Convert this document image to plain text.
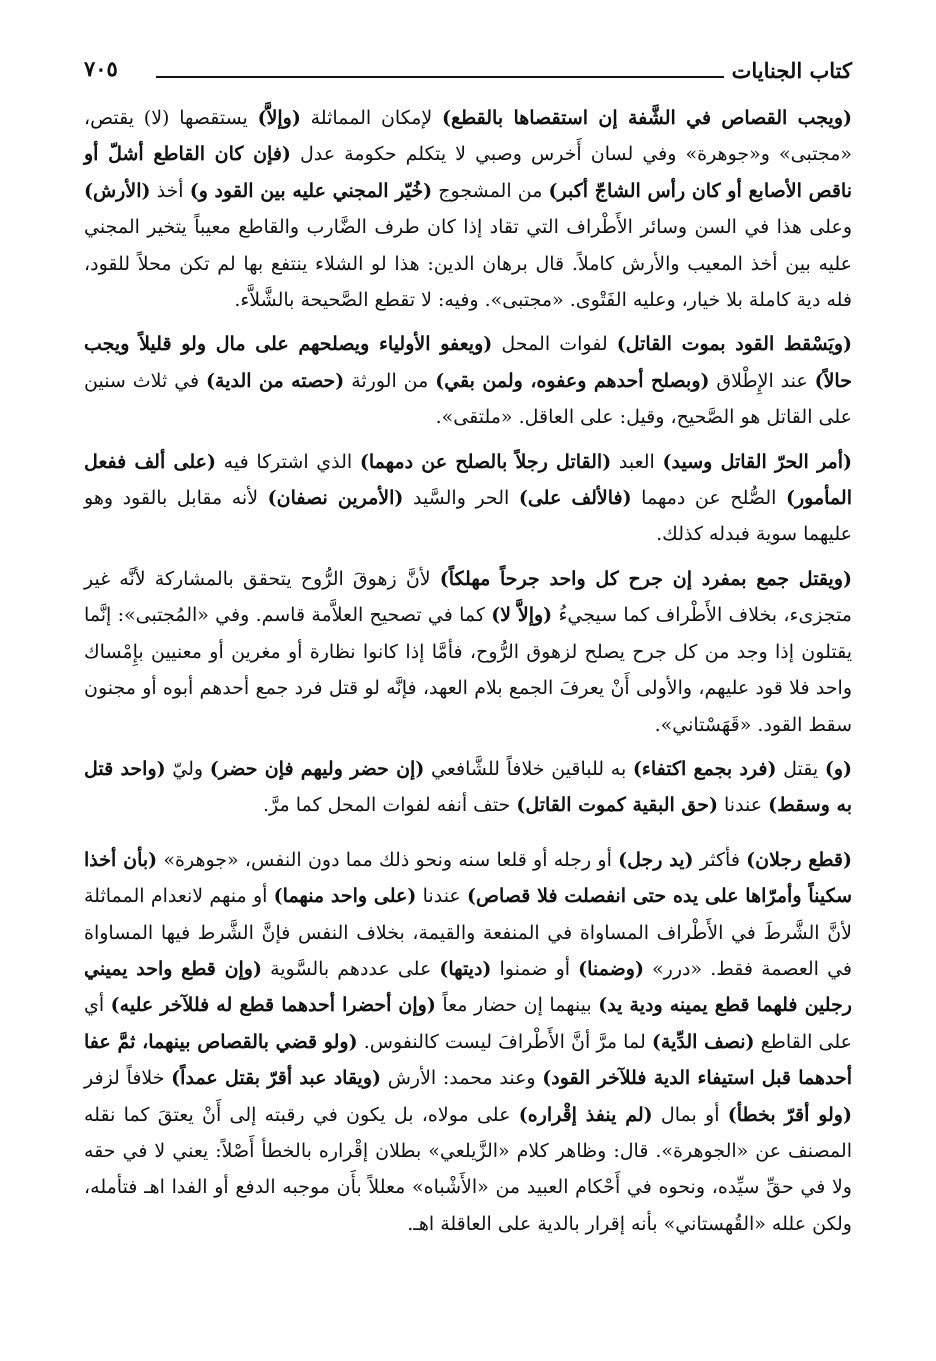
كتاب الجنايات
٧٠٥

(ويجب القصاص في الشَّفة إن استقصاها بالقطع) لإمكان المماثلة (وإلاَّ) يستقصها (لا) يقتص، «مجتبى» و«جوهرة» وفي لسان أَخرس وصبي لا يتكلم حكومة عدل (فإن كان القاطع أشلّ أو ناقص الأصابع أو كان رأس الشاجّ أكبر) من المشجوج (خُيّر المجني عليه بين القود و) أخذ (الأرش) وعلى هذا في السن وسائر الأَطْراف التي تقاد إذا كان طرف الضَّارب والقاطع معيباً يتخير المجني عليه بين أخذ المعيب والأرش كاملاً. قال برهان الدين: هذا لو الشلاء ينتفع بها لم تكن محلاً للقود، فله دية كاملة بلا خيار، وعليه الفَتْوى. «مجتبى». وفيه: لا تقطع الصَّحيحة بالشَّلاَّء.

(ويَسْقط القود بموت القاتل) لفوات المحل (ويعفو الأولياء ويصلحهم على مال ولو قليلاً ويجب حالاً) عند الإِطْلاق (وبصلح أحدهم وعفوه، ولمن بقي) من الورثة (حصته من الدية) في ثلاث سنين على القاتل هو الصَّحيح، وقيل: على العاقل. «ملتقى».

(أمر الحرّ القاتل وسيد) العبد (القاتل رجلاً بالصلح عن دمهما) الذي اشتركا فيه (على ألف ففعل المأمور) الصُّلح عن دمهما (فالألف على) الحر والسَّيد (الأمرين نصفان) لأنه مقابل بالقود وهو عليهما سوية فبدله كذلك.

(ويقتل جمع بمفرد إن جرح كل واحد جرحاً مهلكاً) لأنَّ زهوقَ الرُّوح يتحقق بالمشاركة لأنَّه غير متجزىء، بخلاف الأَطْراف كما سيجيءُ (وإلاَّ لا) كما في تصحيح العلاَّمة قاسم. وفي «المُجتبى»: إنَّما يقتلون إذا وجد من كل جرح يصلح لزهوق الرُّوح، فأمَّا إذا كانوا نظارة أو مغرين أو معنيين بإِمْساك واحد فلا قود عليهم، والأولى أَنْ يعرفَ الجمع بلام العهد، فإنَّه لو قتل فرد جمع أحدهم أبوه أو مجنون سقط القود. «قَهَسْتاني».

(و) يقتل (فرد بجمع اكتفاء) به للباقين خلافاً للشَّافعي (إن حضر وليهم فإن حضر) وليّ (واحد قتل به وسقط) عندنا (حق البقية كموت القاتل) حتف أنفه لفوات المحل كما مرَّ.

(قطع رجلان) فأكثر (يد رجل) أو رجله أو قلعا سنه ونحو ذلك مما دون النفس، «جوهرة» (بأن أخذا سكيناً وأمرّاها على يده حتى انفصلت فلا قصاص) عندنا (على واحد منهما) أو منهم لانعدام المماثلة لأنَّ الشَّرطَ في الأَطْراف المساواة في المنفعة والقيمة، بخلاف النفس فإنَّ الشَّرط فيها المساواة في العصمة فقط. «درر» (وضمنا) أو ضمنوا (ديتها) على عددهم بالسَّوية (وإن قطع واحد يميني رجلين فلهما قطع يمينه ودية يد) بينهما إن حضار معاً (وإن أحضرا أحدهما قطع له فللآخر عليه) أي على القاطع (نصف الدِّية) لما مرَّ أنَّ الأَطْرافَ ليست كالنفوس. (ولو قضي بالقصاص بينهما، ثمَّ عفا أحدهما قبل استيفاء الدية فللآخر القود) وعند محمد: الأرش (ويقاد عبد أقرّ بقتل عمداً) خلافاً لزفر (ولو أقرّ بخطأ) أو بمال (لم ينفذ إقْراره) على مولاه، بل يكون في رقبته إلى أَنْ يعتقَ كما نقله المصنف عن «الجوهرة». قال: وظاهر كلام «الزَّيلعي» بطلان إقْراره بالخطأ أَصْلاً: يعني لا في حقه ولا في حقِّ سيِّده، ونحوه في أَحْكام العبيد من «الأَشْباه» معللاً بأَن موجبه الدفع أو الفدا اهـ فتأمله، ولكن علله «القُهستاني» بأنه إقرار بالدية على العاقلة اهـ.
